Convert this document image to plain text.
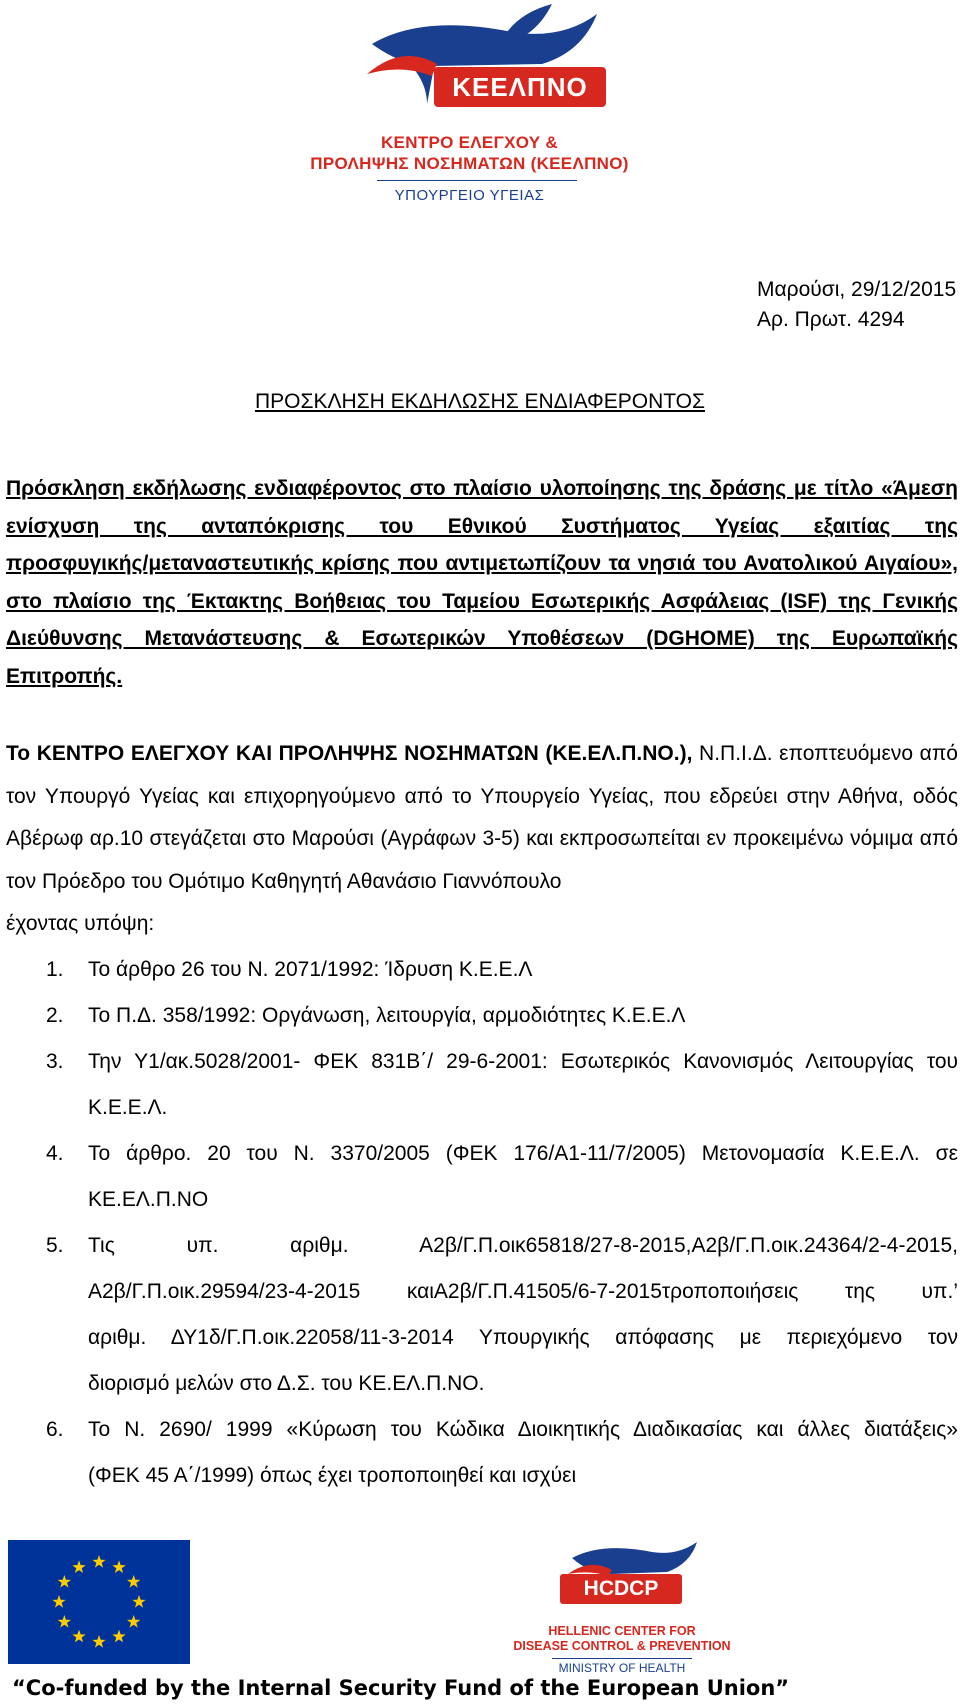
ΚΕΕΛΠΝΟ
ΚΕΝΤΡΟ ΕΛΕΓΧΟΥ &
ΠΡΟΛΗΨΗΣ ΝΟΣΗΜΑΤΩΝ (ΚΕΕΛΠΝΟ)
ΥΠΟΥΡΓΕΙΟ ΥΓΕΙΑΣ
Μαρούσι, 29/12/2015
Αρ. Πρωτ. 4294
ΠΡΟΣΚΛΗΣΗ ΕΚΔΗΛΩΣΗΣ ΕΝΔΙΑΦΕΡΟΝΤΟΣ
Πρόσκληση εκδήλωσης ενδιαφέροντος στο πλαίσιο υλοποίησης της δράσης με τίτλο «Άμεση
ενίσχυση της ανταπόκρισης του Εθνικού Συστήματος Υγείας εξαιτίας της
προσφυγικής/μεταναστευτικής κρίσης που αντιμετωπίζουν τα νησιά του Ανατολικού Αιγαίου»,
στο πλαίσιο της Έκτακτης Βοήθειας του Ταμείου Εσωτερικής Ασφάλειας (ISF) της Γενικής
Διεύθυνσης Μετανάστευσης & Εσωτερικών Υποθέσεων (DGHOME) της Ευρωπαϊκής Επιτροπής.
Το ΚΕΝΤΡΟ ΕΛΕΓΧΟΥ ΚΑΙ ΠΡΟΛΗΨΗΣ ΝΟΣΗΜΑΤΩΝ (ΚΕ.ΕΛ.Π.ΝΟ.), Ν.Π.Ι.Δ. εποπτευόμενο από
τον Υπουργό Υγείας και επιχορηγούμενο από το Υπουργείο Υγείας, που εδρεύει στην Αθήνα, οδός
Αβέρωφ αρ.10 στεγάζεται στο Μαρούσι (Αγράφων 3-5) και εκπροσωπείται εν προκειμένω νόμιμα από
τον Πρόεδρο του Ομότιμο Καθηγητή Αθανάσιο Γιαννόπουλο
έχοντας υπόψη:
1. Το άρθρο 26 του Ν. 2071/1992: Ίδρυση Κ.Ε.Ε.Λ
2. Το Π.Δ. 358/1992: Οργάνωση, λειτουργία, αρμοδιότητες Κ.Ε.Ε.Λ
3. Την Υ1/ακ.5028/2001- ΦΕΚ 831Β΄/ 29-6-2001: Εσωτερικός Κανονισμός Λειτουργίας του
Κ.Ε.Ε.Λ.
4. Το άρθρο. 20 του Ν. 3370/2005 (ΦΕΚ 176/Α1-11/7/2005) Μετονομασία Κ.Ε.Ε.Λ. σε
ΚΕ.ΕΛ.Π.ΝΟ
5. Τις υπ. αριθμ. Α2β/Γ.Π.οικ65818/27-8-2015,Α2β/Γ.Π.οικ.24364/2-4-2015,
Α2β/Γ.Π.οικ.29594/23-4-2015 καιΑ2β/Γ.Π.41505/6-7-2015τροποποιήσεις της υπ.’
αριθμ. ΔΥ1δ/Γ.Π.οικ.22058/11-3-2014 Υπουργικής απόφασης με περιεχόμενο τον
διορισμό μελών στο Δ.Σ. του ΚΕ.ΕΛ.Π.ΝΟ.
6. Το Ν. 2690/ 1999 «Κύρωση του Κώδικα Διοικητικής Διαδικασίας και άλλες διατάξεις»
(ΦΕΚ 45 Α΄/1999) όπως έχει τροποποιηθεί και ισχύει
HCDCP
HELLENIC CENTER FOR
DISEASE CONTROL & PREVENTION
MINISTRY OF HEALTH
“Co-funded by the Internal Security Fund of the European Union”
